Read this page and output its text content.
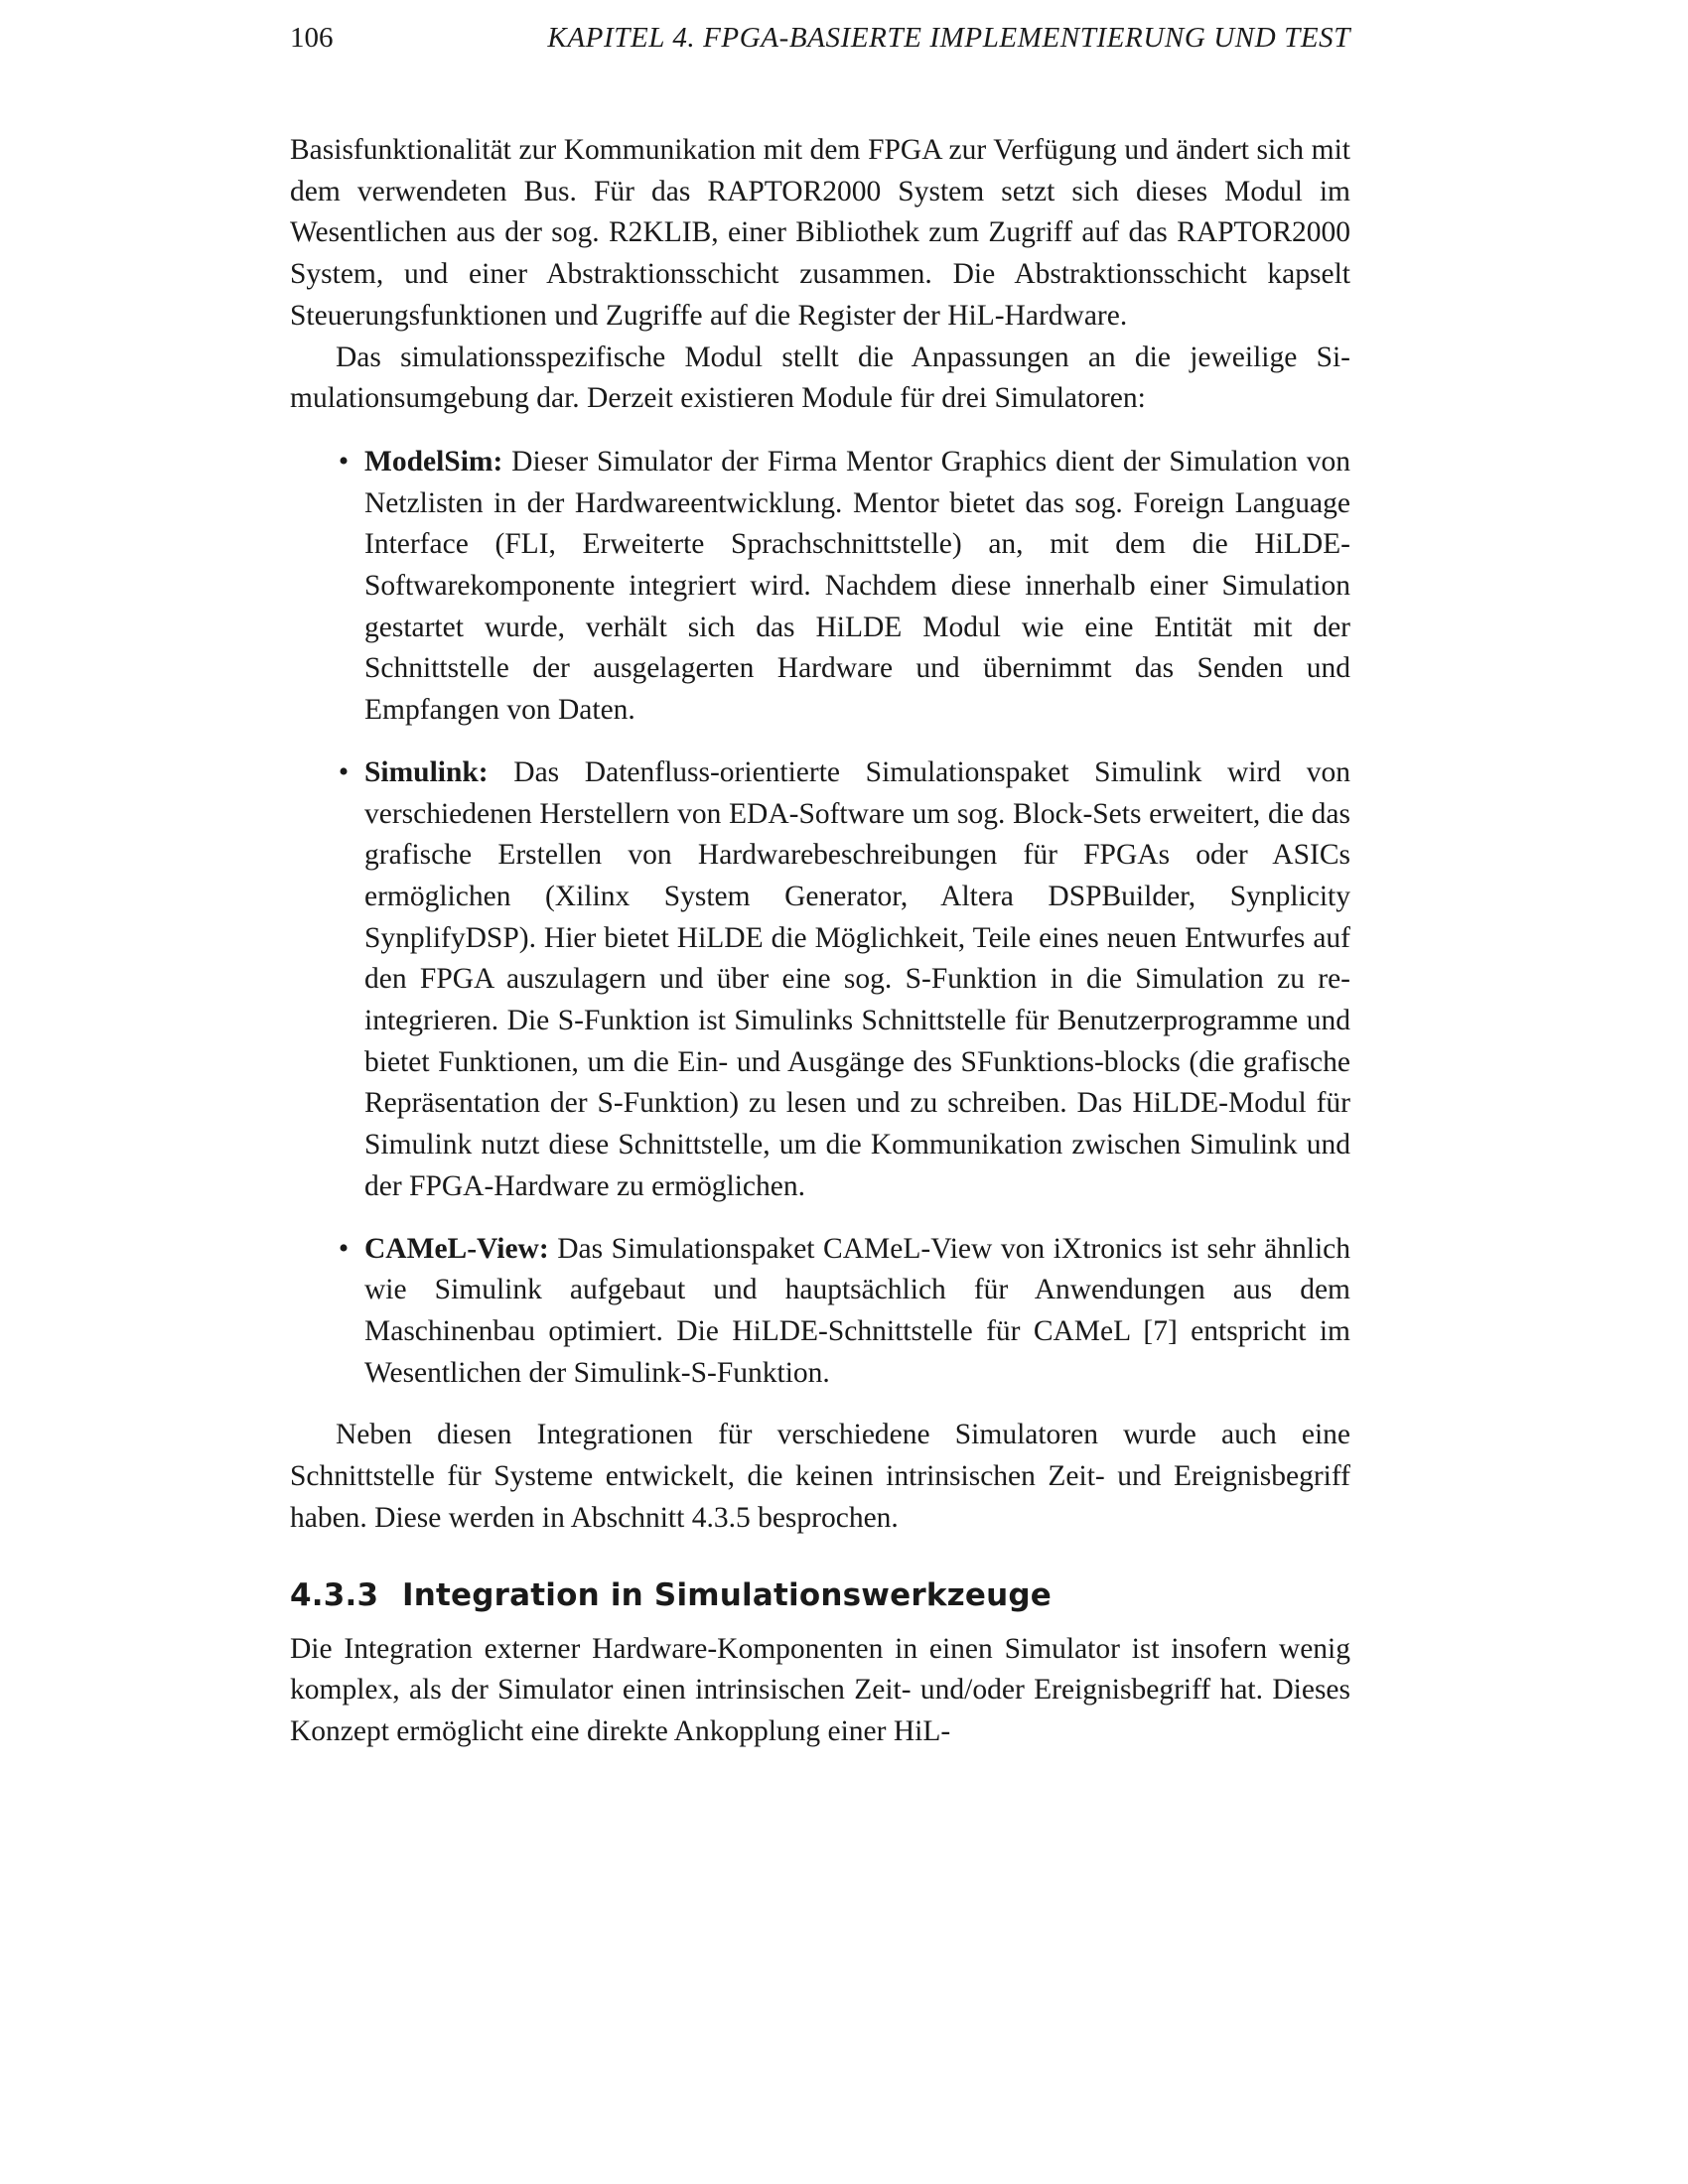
106	KAPITEL 4. FPGA-BASIERTE IMPLEMENTIERUNG UND TEST

Basisfunktionalität zur Kommunikation mit dem FPGA zur Verfügung und ändert sich mit dem verwendeten Bus. Für das RAPTOR2000 System setzt sich dieses Modul im Wesentlichen aus der sog. R2KLIB, einer Bibliothek zum Zugriff auf das RAPTOR2000 System, und einer Abstraktionsschicht zusammen. Die Abstraktionsschicht kapselt Steuerungsfunktionen und Zugriffe auf die Register der HiL-Hardware.

Das simulationsspezifische Modul stellt die Anpassungen an die jeweilige Simulationsumgebung dar. Derzeit existieren Module für drei Simulatoren:

• ModelSim: Dieser Simulator der Firma Mentor Graphics dient der Simulation von Netzlisten in der Hardwareentwicklung. Mentor bietet das sog. Foreign Language Interface (FLI, Erweiterte Sprachschnittstelle) an, mit dem die HiLDE-Softwarekomponente integriert wird. Nachdem diese innerhalb einer Simulation gestartet wurde, verhält sich das HiLDE Modul wie eine Entität mit der Schnittstelle der ausgelagerten Hardware und übernimmt das Senden und Empfangen von Daten.
• Simulink: Das Datenfluss-orientierte Simulationspaket Simulink wird von verschiedenen Herstellern von EDA-Software um sog. Block-Sets erweitert, die das grafische Erstellen von Hardwarebeschreibungen für FPGAs oder ASICs ermöglichen (Xilinx System Generator, Altera DSPBuilder, Synplicity SynplifyDSP). Hier bietet HiLDE die Möglichkeit, Teile eines neuen Entwurfes auf den FPGA auszulagern und über eine sog. S-Funktion in die Simulation zu re-integrieren. Die S-Funktion ist Simulinks Schnittstelle für Benutzerprogramme und bietet Funktionen, um die Ein- und Ausgänge des SFunktions-blocks (die grafische Repräsentation der S-Funktion) zu lesen und zu schreiben. Das HiLDE-Modul für Simulink nutzt diese Schnittstelle, um die Kommunikation zwischen Simulink und der FPGA-Hardware zu ermöglichen.
• CAMeL-View: Das Simulationspaket CAMeL-View von iXtronics ist sehr ähnlich wie Simulink aufgebaut und hauptsächlich für Anwendungen aus dem Maschinenbau optimiert. Die HiLDE-Schnittstelle für CAMeL [7] entspricht im Wesentlichen der Simulink-S-Funktion.

Neben diesen Integrationen für verschiedene Simulatoren wurde auch eine Schnittstelle für Systeme entwickelt, die keinen intrinsischen Zeit- und Ereignisbegriff haben. Diese werden in Abschnitt 4.3.5 besprochen.

4.3.3 Integration in Simulationswerkzeuge

Die Integration externer Hardware-Komponenten in einen Simulator ist insofern wenig komplex, als der Simulator einen intrinsischen Zeit- und/oder Ereignisbegriff hat. Dieses Konzept ermöglicht eine direkte Ankopplung einer HiL-
